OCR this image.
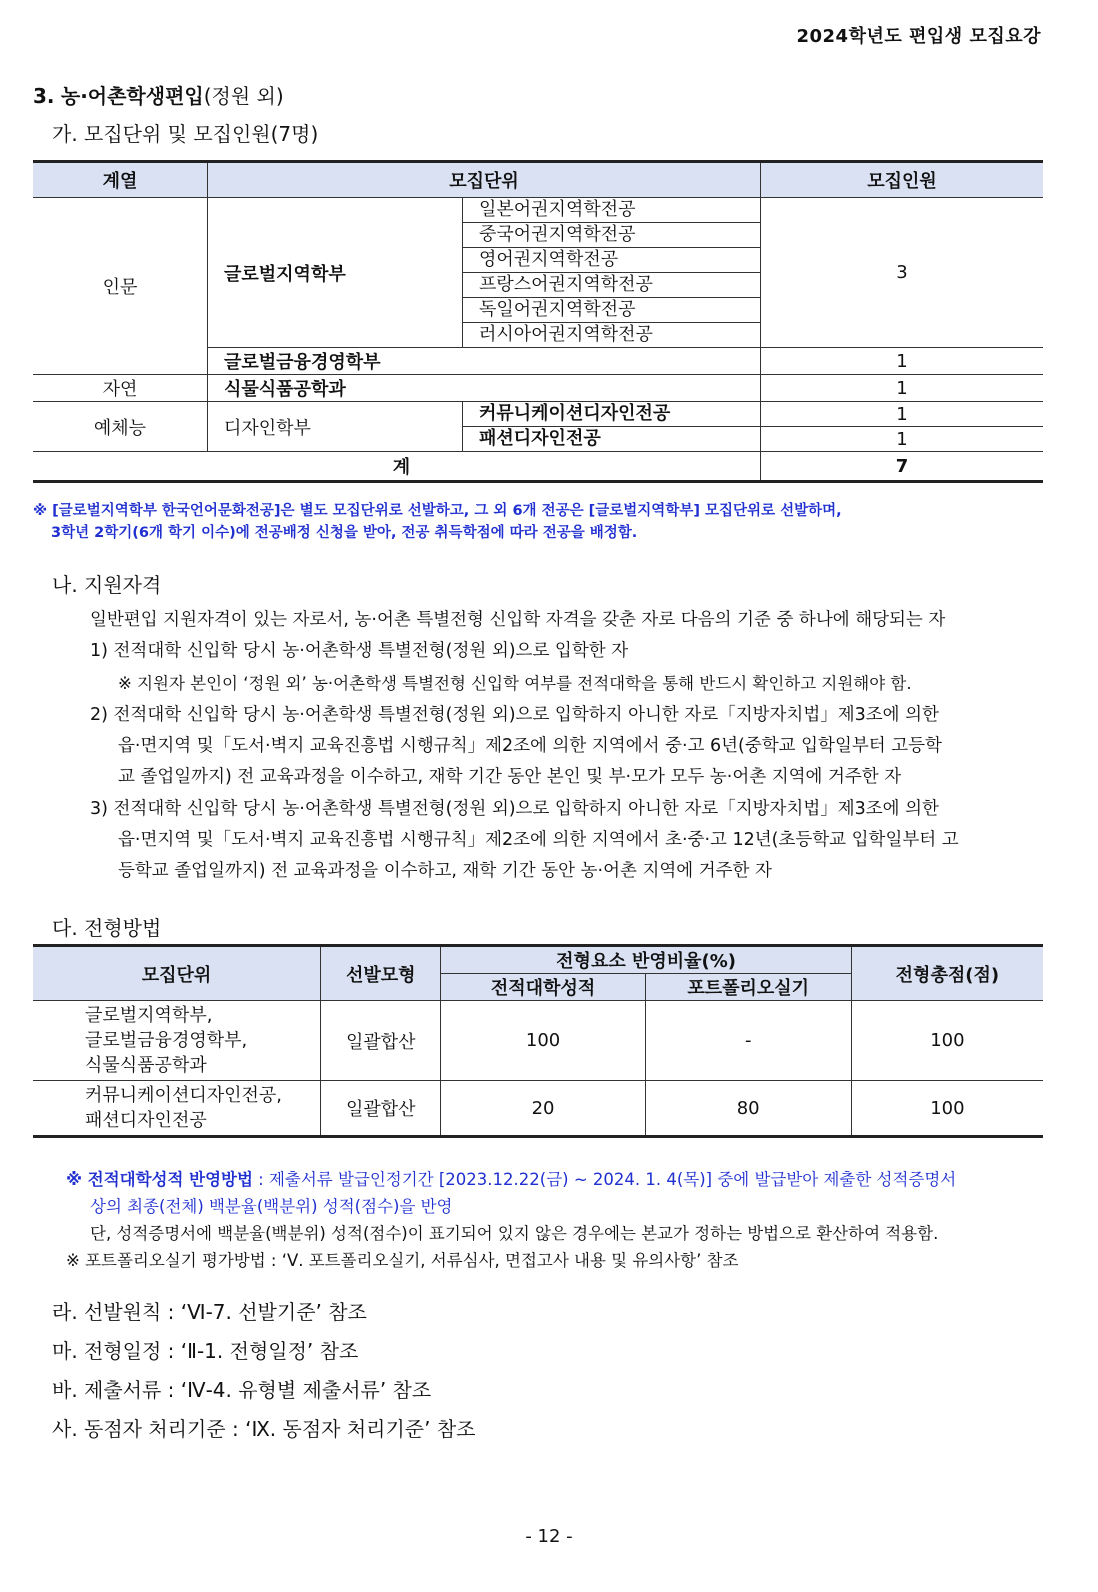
2024학년도 편입생 모집요강
3. 농·어촌학생편입(정원 외)
가. 모집단위 및 모집인원(7명)
계열	모집단위		모집인원
인문	글로벌지역학부	일본어권지역학전공	3
		중국어권지역학전공	
		영어권지역학전공	
		프랑스어권지역학전공	
		독일어권지역학전공	
		러시아어권지역학전공	
	글로벌금융경영학부		1
자연	식물식품공학과		1
예체능	디자인학부	커뮤니케이션디자인전공	1
		패션디자인전공	1
계			7
※ [글로벌지역학부 한국언어문화전공]은 별도 모집단위로 선발하고, 그 외 6개 전공은 [글로벌지역학부] 모집단위로 선발하며,
3학년 2학기(6개 학기 이수)에 전공배정 신청을 받아, 전공 취득학점에 따라 전공을 배정함.
나. 지원자격
일반편입 지원자격이 있는 자로서, 농·어촌 특별전형 신입학 자격을 갖춘 자로 다음의 기준 중 하나에 해당되는 자
1) 전적대학 신입학 당시 농·어촌학생 특별전형(정원 외)으로 입학한 자
※ 지원자 본인이 ‘정원 외’ 농·어촌학생 특별전형 신입학 여부를 전적대학을 통해 반드시 확인하고 지원해야 함.
2) 전적대학 신입학 당시 농·어촌학생 특별전형(정원 외)으로 입학하지 아니한 자로「지방자치법」제3조에 의한
읍·면지역 및「도서·벽지 교육진흥법 시행규칙」제2조에 의한 지역에서 중·고 6년(중학교 입학일부터 고등학
교 졸업일까지) 전 교육과정을 이수하고, 재학 기간 동안 본인 및 부·모가 모두 농·어촌 지역에 거주한 자
3) 전적대학 신입학 당시 농·어촌학생 특별전형(정원 외)으로 입학하지 아니한 자로「지방자치법」제3조에 의한
읍·면지역 및「도서·벽지 교육진흥법 시행규칙」제2조에 의한 지역에서 초·중·고 12년(초등학교 입학일부터 고
등학교 졸업일까지) 전 교육과정을 이수하고, 재학 기간 동안 농·어촌 지역에 거주한 자
다. 전형방법
모집단위	선발모형	전형요소 반영비율(%)		전형총점(점)
		전적대학성적	포트폴리오실기	

글로벌지역학부,
글로벌금융경영학부,
식물식품공학과	일괄합산	100	-	100

커뮤니케이션디자인전공,
패션디자인전공	일괄합산	20	80	100
※ 전적대학성적 반영방법 : 제출서류 발급인정기간 [2023.12.22(금) ~ 2024. 1. 4(목)] 중에 발급받아 제출한 성적증명서
상의 최종(전체) 백분율(백분위) 성적(점수)을 반영
단, 성적증명서에 백분율(백분위) 성적(점수)이 표기되어 있지 않은 경우에는 본교가 정하는 방법으로 환산하여 적용함.
※ 포트폴리오실기 평가방법 : ‘Ⅴ. 포트폴리오실기, 서류심사, 면접고사 내용 및 유의사항’ 참조
라. 선발원칙 : ‘Ⅵ-7. 선발기준’ 참조
마. 전형일정 : ‘Ⅱ-1. 전형일정’ 참조
바. 제출서류 : ‘Ⅳ-4. 유형별 제출서류’ 참조
사. 동점자 처리기준 : ‘Ⅸ. 동점자 처리기준’ 참조
- 12 -
